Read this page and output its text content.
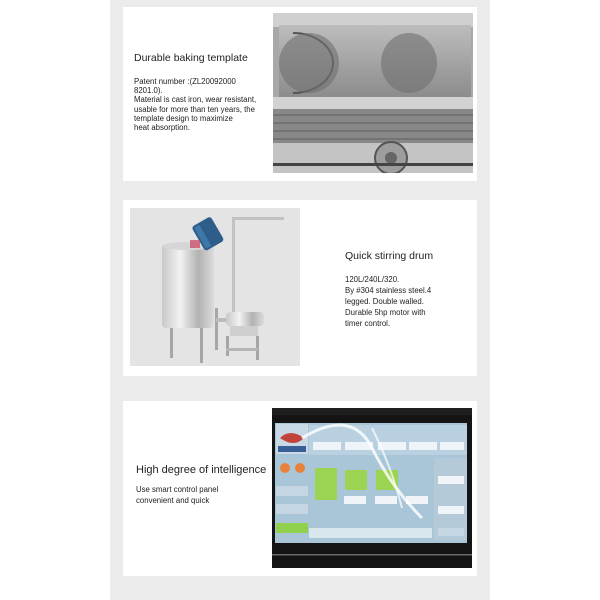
Durable baking template
Patent number :(ZL20092000
8201.0).
Material is cast iron, wear resistant,
usable for more than ten years, the
template design to maximize
heat absorption.
Quick stirring drum
120L/240L/320.
By #304 stainless steel.4
legged. Double walled.
Durable 5hp motor with
timer control.
High degree of intelligence
Use smart control panel
convenient and quick
